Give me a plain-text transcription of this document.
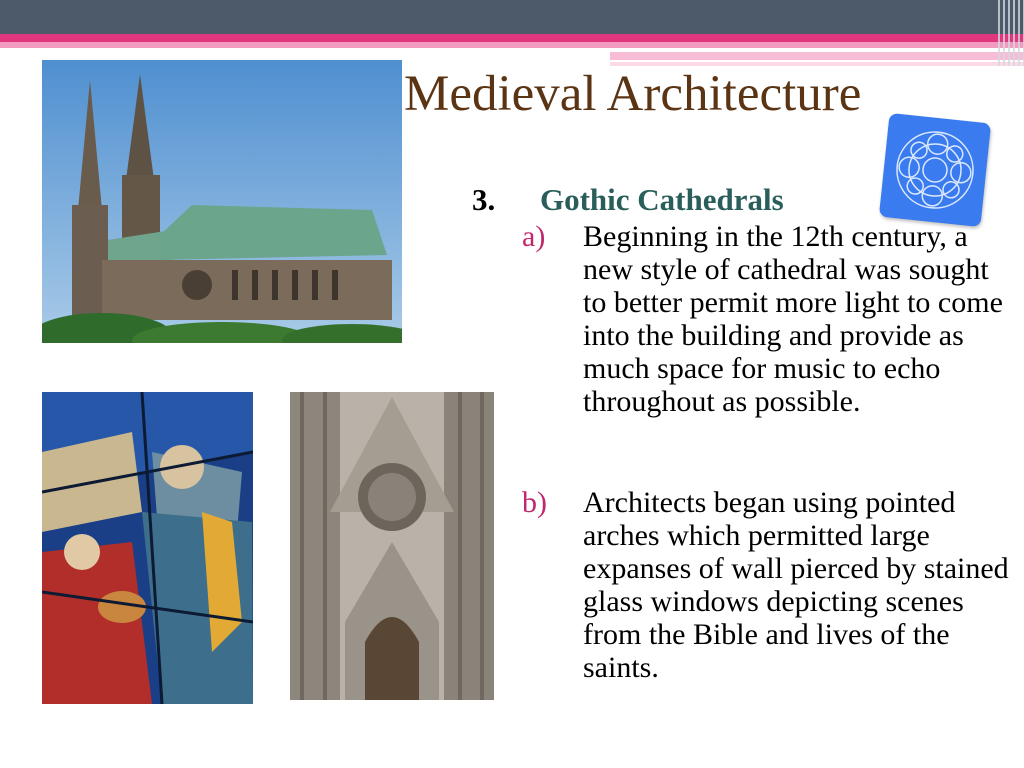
Medieval Architecture
3. Gothic Cathedrals
a) Beginning in the 12th century, a new style of cathedral was sought to better permit more light to come into the building and provide as much space for music to echo throughout as possible.
b) Architects began using pointed arches which permitted large expanses of wall pierced by stained glass windows depicting scenes from the Bible and lives of the saints.
